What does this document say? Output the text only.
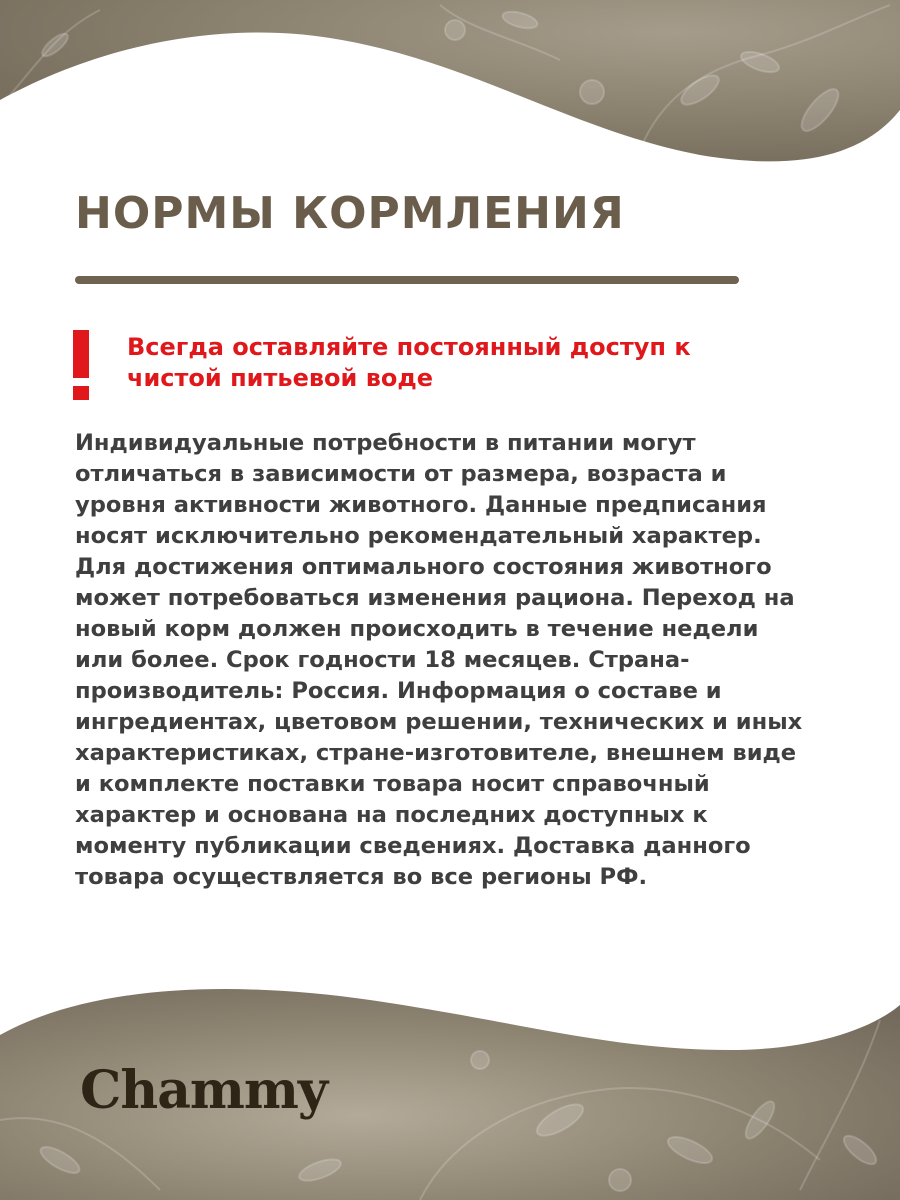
НОРМЫ КОРМЛЕНИЯ

Всегда оставляйте постоянный доступ к чистой питьевой воде

Индивидуальные потребности в питании могут отличаться в зависимости от размера, возраста и уровня активности животного. Данные предписания носят исключительно рекомендательный характер. Для достижения оптимального состояния животного может потребоваться изменения рациона. Переход на новый корм должен происходить в течение недели или более. Срок годности 18 месяцев. Страна-производитель: Россия. Информация о составе и ингредиентах, цветовом решении, технических и иных характеристиках, стране-изготовителе, внешнем виде и комплекте поставки товара носит справочный характер и основана на последних доступных к моменту публикации сведениях. Доставка данного товара осуществляется во все регионы РФ.

Chammy
